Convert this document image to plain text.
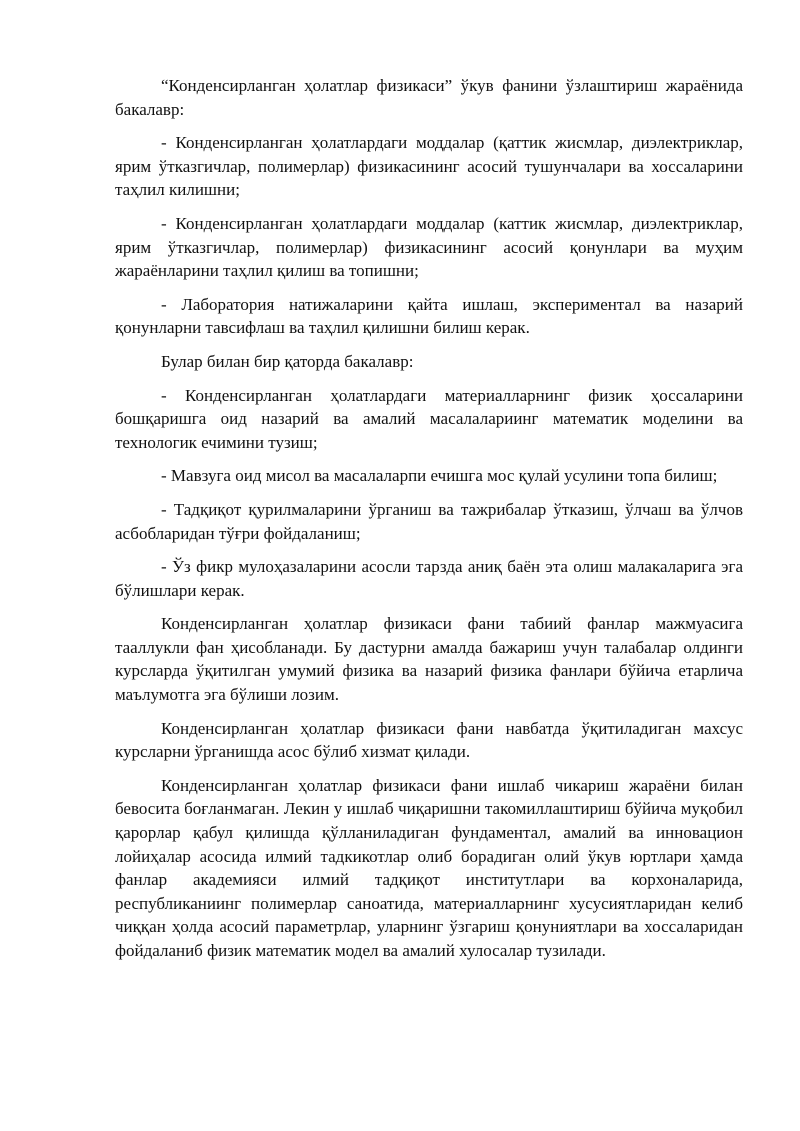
“Конденсирланган ҳолатлар физикаси” ўкув фанини ўзлаштириш жараёнида бакалавр:

- Конденсирланган ҳолатлардаги моддалар (қаттик жисмлар, диэлектриклар, ярим ўтказгичлар, полимерлар) физикасининг асосий тушунчалари ва хоссаларини таҳлил килишни;

- Конденсирланган ҳолатлардаги моддалар (каттик жисмлар, диэлектриклар, ярим ўтказгичлар, полимерлар) физикасининг асосий қонунлари ва муҳим жараёнларини таҳлил қилиш ва топишни;

- Лаборатория натижаларини қайта ишлаш, экспериментал ва назарий қонунларни тавсифлаш ва таҳлил қилишни билиш керак.

Булар билан бир қаторда бакалавр:

- Конденсирланган ҳолатлардаги материалларнинг физик ҳоссаларини бошқаришга оид назарий ва амалий масалалариинг математик моделини ва технологик ечимини тузиш;

- Мавзуга оид мисол ва масалаларпи ечишга мос қулай усулини топа билиш;

- Тадқиқот қурилмаларини ўрганиш ва тажрибалар ўтказиш, ўлчаш ва ўлчов асбобларидан тўғри фойдаланиш;

- Ўз фикр мулоҳазаларини асосли тарзда аниқ баён эта олиш малакаларига эга бўлишлари керак.

Конденсирланган ҳолатлар физикаси фани табиий фанлар мажмуасига тааллукли фан ҳисобланади. Бу дастурни амалда бажариш учун талабалар олдинги курсларда ўқитилган умумий физика ва назарий физика фанлари бўйича етарлича маълумотга эга бўлиши лозим.

Конденсирланган ҳолатлар физикаси фани навбатда ўқитиладиган махсус курсларни ўрганишда асос бўлиб хизмат қилади.

Конденсирланган ҳолатлар физикаси фани ишлаб чикариш жараёни билан бевосита боғланмаган. Лекин у ишлаб чиқаришни такомиллаштириш бўйича муқобил қарорлар қабул қилишда қўлланиладиган фундаментал, амалий ва инновацион лойиҳалар асосида илмий тадкикотлар олиб борадиган олий ўкув юртлари ҳамда фанлар академияси илмий тадқиқот институтлари ва корхоналарида, республиканиинг полимерлар саноатида, материалларнинг хусусиятларидан келиб чиққан ҳолда асосий параметрлар, уларнинг ўзгариш қонуниятлари ва хоссаларидан фойдаланиб физик математик модел ва амалий хулосалар тузилади.
